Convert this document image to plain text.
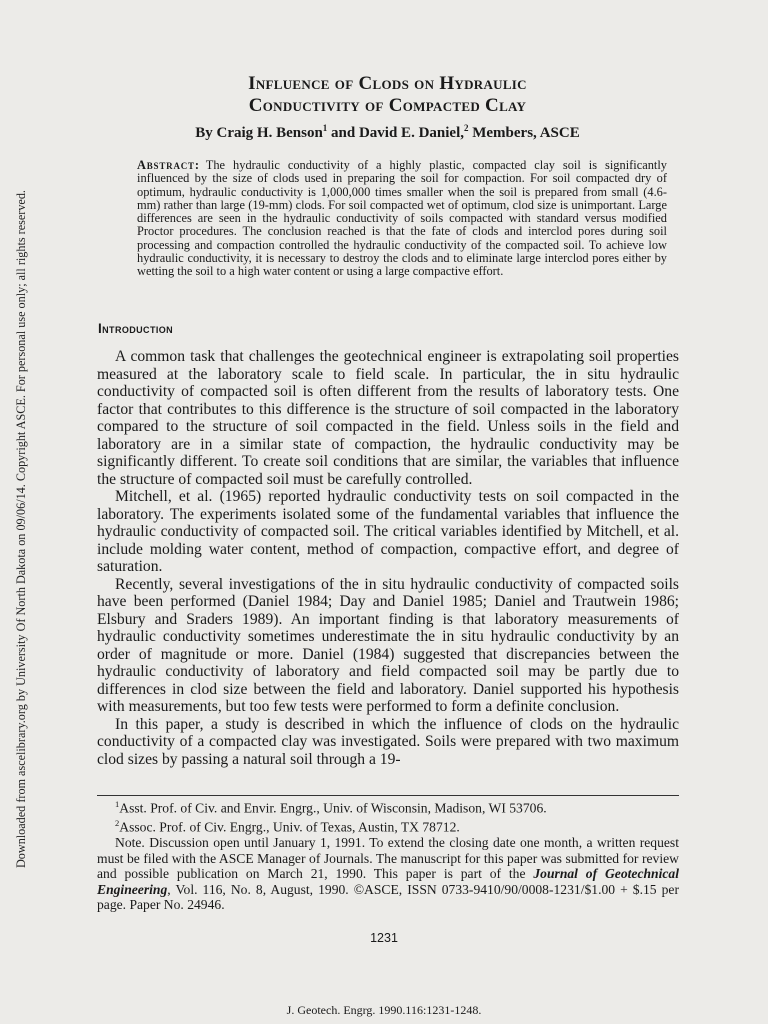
Downloaded from ascelibrary.org by University Of North Dakota on 09/06/14. Copyright ASCE. For personal use only; all rights reserved.
Influence of Clods on Hydraulic
Conductivity of Compacted Clay
By Craig H. Benson$^1$ and David E. Daniel,$^2$ Members, ASCE
Abstract: The hydraulic conductivity of a highly plastic, compacted clay soil is significantly influenced by the size of clods used in preparing the soil for compaction. For soil compacted dry of optimum, hydraulic conductivity is 1,000,000 times smaller when the soil is prepared from small (4.6-mm) rather than large (19-mm) clods. For soil compacted wet of optimum, clod size is unimportant. Large differences are seen in the hydraulic conductivity of soils compacted with standard versus modified Proctor procedures. The conclusion reached is that the fate of clods and interclod pores during soil processing and compaction controlled the hydraulic conductivity of the compacted soil. To achieve low hydraulic conductivity, it is necessary to destroy the clods and to eliminate large interclod pores either by wetting the soil to a high water content or using a large compactive effort.
Introduction

A common task that challenges the geotechnical engineer is extrapolating soil properties measured at the laboratory scale to field scale. In particular, the in situ hydraulic conductivity of compacted soil is often different from the results of laboratory tests. One factor that contributes to this difference is the structure of soil compacted in the laboratory compared to the structure of soil compacted in the field. Unless soils in the field and laboratory are in a similar state of compaction, the hydraulic conductivity may be significantly different. To create soil conditions that are similar, the variables that influence the structure of compacted soil must be carefully controlled.

Mitchell, et al. (1965) reported hydraulic conductivity tests on soil compacted in the laboratory. The experiments isolated some of the fundamental variables that influence the hydraulic conductivity of compacted soil. The critical variables identified by Mitchell, et al. include molding water content, method of compaction, compactive effort, and degree of saturation.

Recently, several investigations of the in situ hydraulic conductivity of compacted soils have been performed (Daniel 1984; Day and Daniel 1985; Daniel and Trautwein 1986; Elsbury and Sraders 1989). An important finding is that laboratory measurements of hydraulic conductivity sometimes underestimate the in situ hydraulic conductivity by an order of magnitude or more. Daniel (1984) suggested that discrepancies between the hydraulic conductivity of laboratory and field compacted soil may be partly due to differences in clod size between the field and laboratory. Daniel supported his hypothesis with measurements, but too few tests were performed to form a definite conclusion.

In this paper, a study is described in which the influence of clods on the hydraulic conductivity of a compacted clay was investigated. Soils were prepared with two maximum clod sizes by passing a natural soil through a 19-

$^1$Asst. Prof. of Civ. and Envir. Engrg., Univ. of Wisconsin, Madison, WI 53706.

$^2$Assoc. Prof. of Civ. Engrg., Univ. of Texas, Austin, TX 78712.

Note. Discussion open until January 1, 1991. To extend the closing date one month, a written request must be filed with the ASCE Manager of Journals. The manuscript for this paper was submitted for review and possible publication on March 21, 1990. This paper is part of the Journal of Geotechnical Engineering, Vol. 116, No. 8, August, 1990. ©ASCE, ISSN 0733-9410/90/0008-1231/$1.00 + $.15 per page. Paper No. 24946.

1231
J. Geotech. Engrg. 1990.116:1231-1248.
